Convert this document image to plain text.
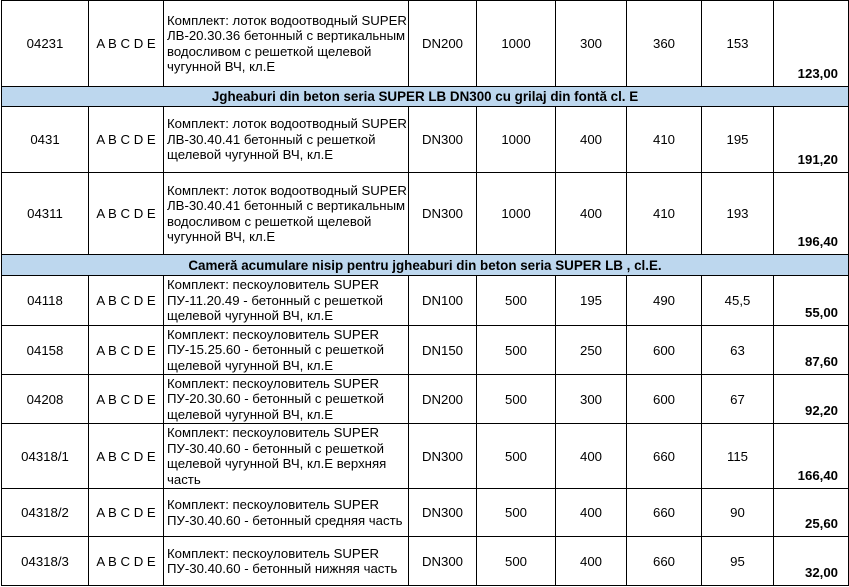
04231	A B C D E	Комплект: лоток водоотводный SUPER ЛВ-20.30.36 бетонный с вертикальным водосливом с решеткой щелевой чугунной ВЧ, кл.Е	DN200	1000	300	360	153	123,00
Jgheaburi din beton seria SUPER LB DN300 cu grilaj din fontă cl. E								
0431	A B C D E	Комплект: лоток водоотводный SUPER ЛВ-30.40.41 бетонный с решеткой щелевой чугунной ВЧ, кл.Е	DN300	1000	400	410	195	191,20
04311	A B C D E	Комплект: лоток водоотводный SUPER ЛВ-30.40.41 бетонный с вертикальным водосливом с решеткой щелевой чугунной ВЧ, кл.Е	DN300	1000	400	410	193	196,40
Cameră acumulare nisip pentru jgheaburi din beton seria SUPER LB , cl.E.								
04118	A B C D E	Комплект: пескоуловитель SUPER ПУ-11.20.49 - бетонный с решеткой щелевой чугунной ВЧ, кл.Е	DN100	500	195	490	45,5	55,00
04158	A B C D E	Комплект: пескоуловитель SUPER ПУ-15.25.60 - бетонный с решеткой щелевой чугунной ВЧ, кл.Е	DN150	500	250	600	63	87,60
04208	A B C D E	Комплект: пескоуловитель SUPER ПУ-20.30.60 - бетонный с решеткой щелевой чугунной ВЧ, кл.Е	DN200	500	300	600	67	92,20
04318/1	A B C D E	Комплект: пескоуловитель SUPER ПУ-30.40.60 - бетонный с решеткой щелевой чугунной ВЧ, кл.Е верхняя часть	DN300	500	400	660	115	166,40
04318/2	A B C D E	Комплект: пескоуловитель SUPER ПУ-30.40.60 - бетонный средняя часть	DN300	500	400	660	90	25,60
04318/3	A B C D E	Комплект: пескоуловитель SUPER ПУ-30.40.60 - бетонный нижняя часть	DN300	500	400	660	95	32,00
